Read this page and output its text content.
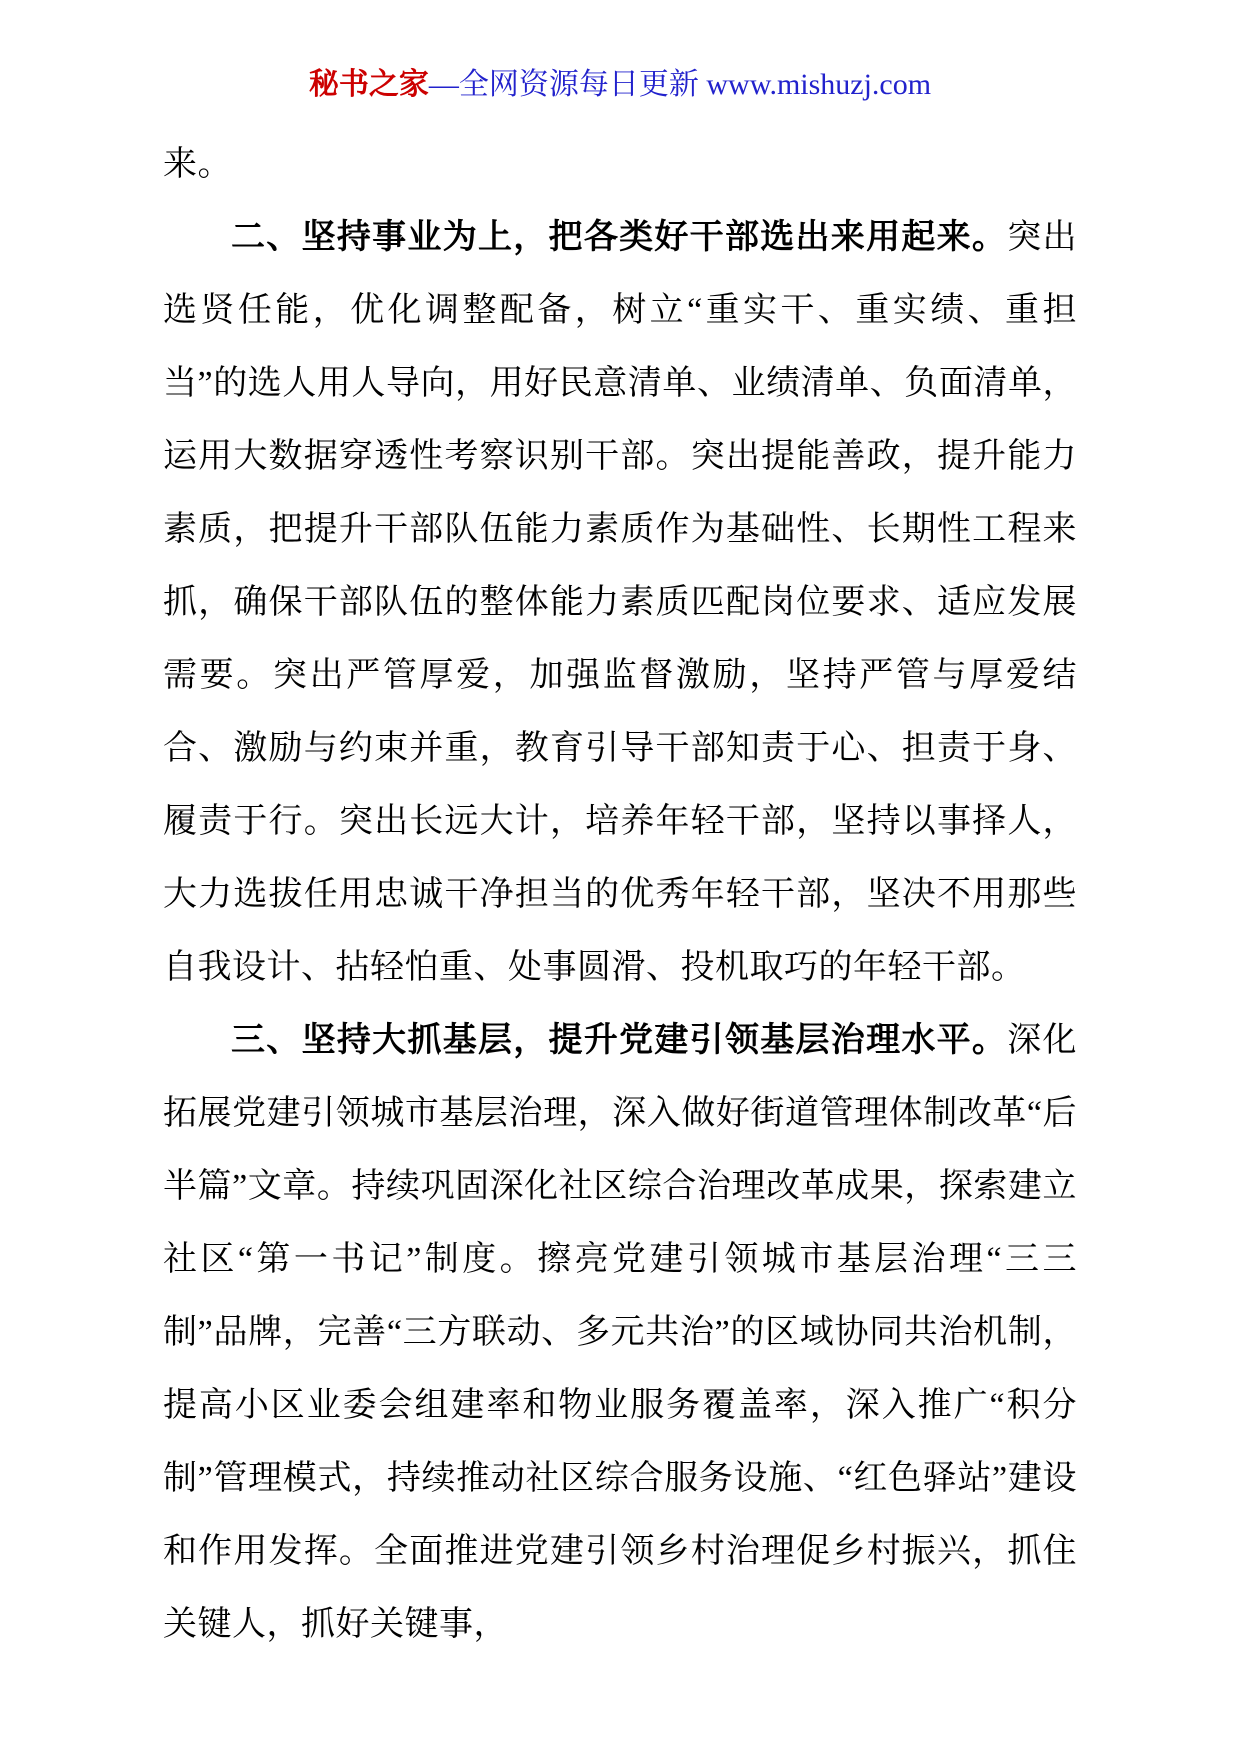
秘书之家—全网资源每日更新 www.mishuzj.com

来。

二、坚持事业为上，把各类好干部选出来用起来。突出选贤任能，优化调整配备，树立“重实干、重实绩、重担当”的选人用人导向，用好民意清单、业绩清单、负面清单，运用大数据穿透性考察识别干部。突出提能善政，提升能力素质，把提升干部队伍能力素质作为基础性、长期性工程来抓，确保干部队伍的整体能力素质匹配岗位要求、适应发展需要。突出严管厚爱，加强监督激励，坚持严管与厚爱结合、激励与约束并重，教育引导干部知责于心、担责于身、履责于行。突出长远大计，培养年轻干部，坚持以事择人，大力选拔任用忠诚干净担当的优秀年轻干部，坚决不用那些自我设计、拈轻怕重、处事圆滑、投机取巧的年轻干部。

三、坚持大抓基层，提升党建引领基层治理水平。深化拓展党建引领城市基层治理，深入做好街道管理体制改革“后半篇”文章。持续巩固深化社区综合治理改革成果，探索建立社区“第一书记”制度。擦亮党建引领城市基层治理“三三制”品牌，完善“三方联动、多元共治”的区域协同共治机制，提高小区业委会组建率和物业服务覆盖率，深入推广“积分制”管理模式，持续推动社区综合服务设施、“红色驿站”建设和作用发挥。全面推进党建引领乡村治理促乡村振兴，抓住关键人，抓好关键事，
